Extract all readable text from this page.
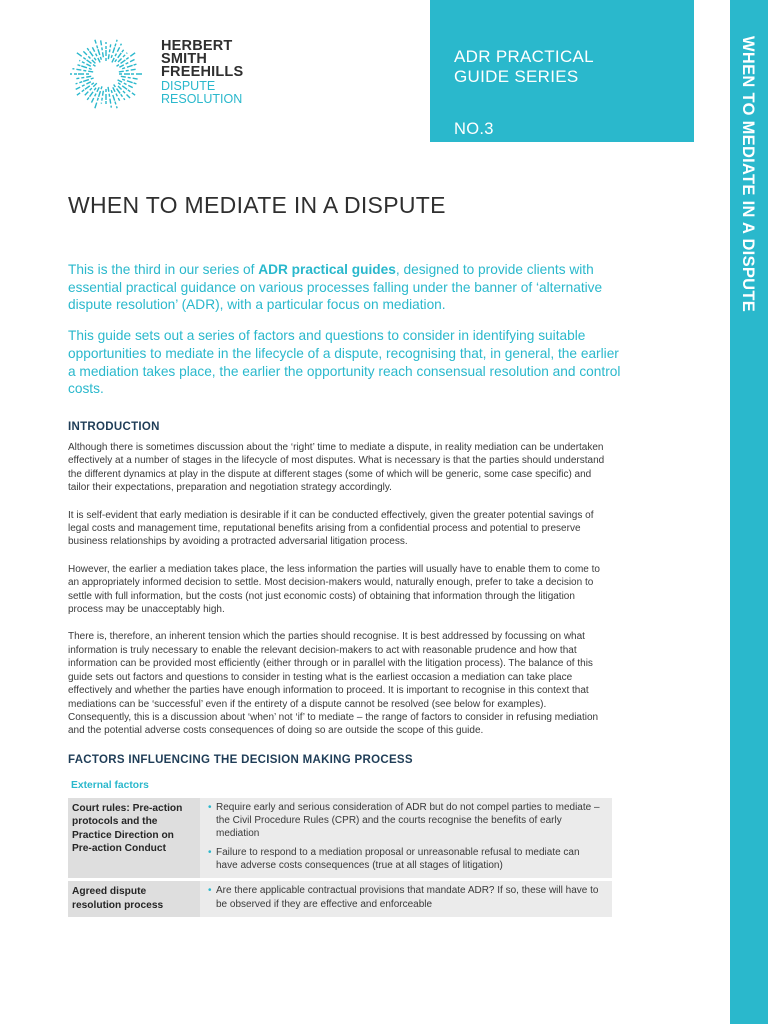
HERBERT
SMITH
FREEHILLS
DISPUTE
RESOLUTION
ADR PRACTICAL
GUIDE SERIES
NO.3	WHEN TO MEDIATE IN A DISPUTE
WHEN TO MEDIATE IN A DISPUTE

This is the third in our series of ADR practical guides, designed to provide clients with essential practical guidance on various processes falling under the banner of ‘alternative dispute resolution’ (ADR), with a particular focus on mediation.

This guide sets out a series of factors and questions to consider in identifying suitable opportunities to mediate in the lifecycle of a dispute, recognising that, in general, the earlier a mediation takes place, the earlier the opportunity reach consensual resolution and control costs.

INTRODUCTION

Although there is sometimes discussion about the ‘right’ time to mediate a dispute, in reality mediation can be undertaken effectively at a number of stages in the lifecycle of most disputes. What is necessary is that the parties should understand the different dynamics at play in the dispute at different stages (some of which will be generic, some case specific) and tailor their expectations, preparation and negotiation strategy accordingly.

It is self-evident that early mediation is desirable if it can be conducted effectively, given the greater potential savings of legal costs and management time, reputational benefits arising from a confidential process and potential to preserve business relationships by avoiding a protracted adversarial litigation process.

However, the earlier a mediation takes place, the less information the parties will usually have to enable them to come to an appropriately informed decision to settle. Most decision-makers would, naturally enough, prefer to take a decision to settle with full information, but the costs (not just economic costs) of obtaining that information through the litigation process may be unacceptably high.

There is, therefore, an inherent tension which the parties should recognise. It is best addressed by focussing on what information is truly necessary to enable the relevant decision-makers to act with reasonable prudence and how that information can be provided most efficiently (either through or in parallel with the litigation process). The balance of this guide sets out factors and questions to consider in testing what is the earliest occasion a mediation can take place effectively and whether the parties have enough information to proceed. It is important to recognise in this context that mediations can be ‘successful’ even if the entirety of a dispute cannot be resolved (see below for examples). Consequently, this is a discussion about ‘when’ not ‘if’ to mediate – the range of factors to consider in refusing mediation and the potential adverse costs consequences of doing so are outside the scope of this guide.

FACTORS INFLUENCING THE DECISION MAKING PROCESS
External factors
Court rules: Pre-action protocols and the Practice Direction on Pre-action Conduct
• Require early and serious consideration of ADR but do not compel parties to mediate – the Civil Procedure Rules (CPR) and the courts recognise the benefits of early mediation
• Failure to respond to a mediation proposal or unreasonable refusal to mediate can have adverse costs consequences (true at all stages of litigation)
Agreed dispute resolution process
• Are there applicable contractual provisions that mandate ADR? If so, these will have to be observed if they are effective and enforceable
